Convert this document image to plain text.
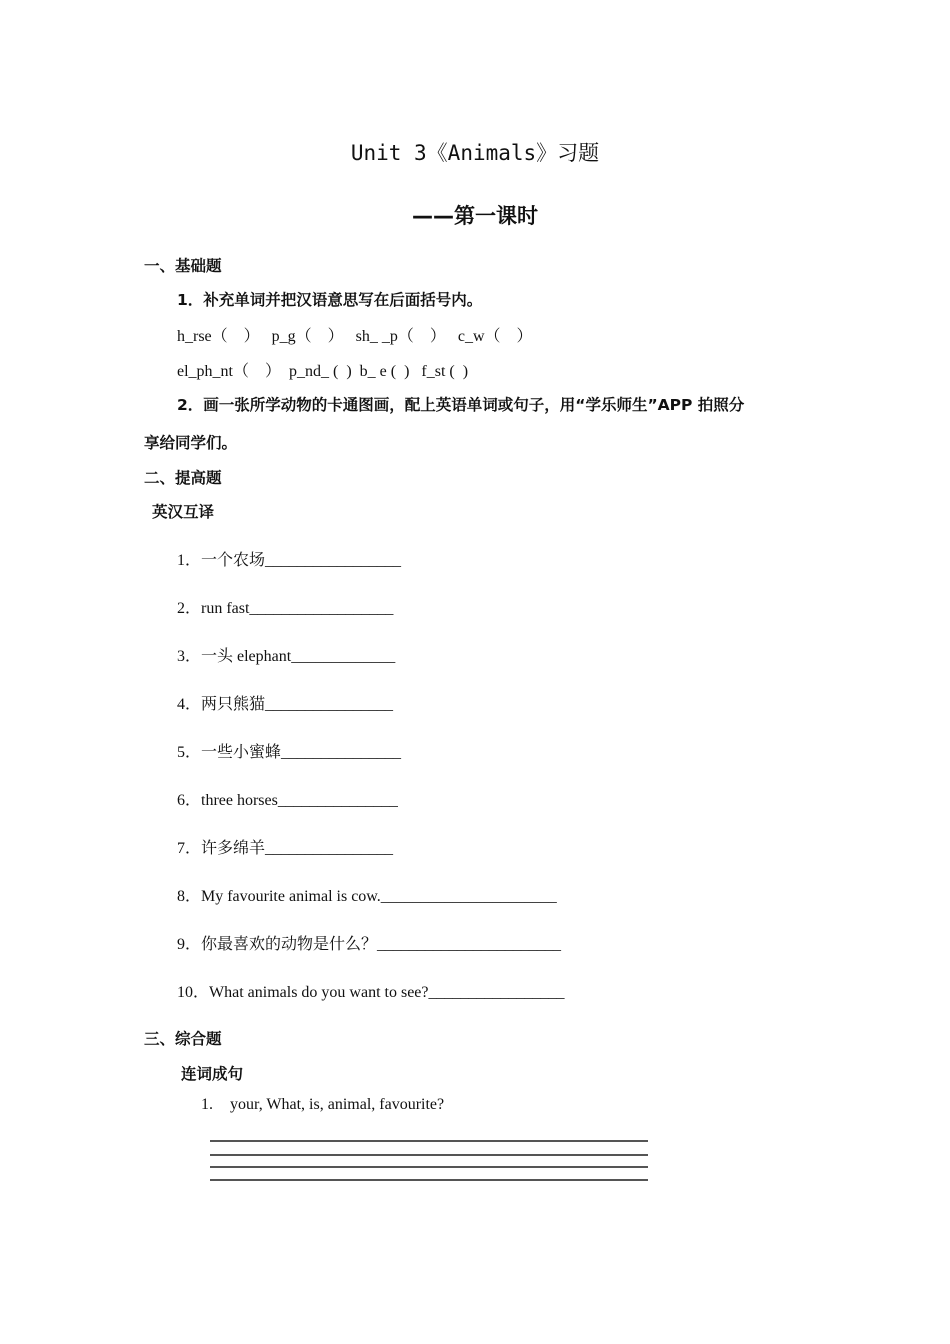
Unit 3《Animals》习题
——第一课时
一、基础题
1．补充单词并把汉语意思写在后面括号内。
h_rse（　）　 p_g（　）　 sh_ _p（　）　 c_w（　）
el_ph_nt（　）　p_nd_ (  )  b_ e (  )   f_st (  )
2．画一张所学动物的卡通图画，配上英语单词或句子，用“学乐师生”APP 拍照分
享给同学们。
二、提高题
英汉互译
1．一个农场_________________
2．run fast__________________
3．一头 elephant_____________
4．两只熊猫________________
5．一些小蜜蜂_______________
6．three horses_______________
7．许多绵羊________________
8．My favourite animal is cow.______________________
9．你最喜欢的动物是什么？_______________________
10．What animals do you want to see?_________________
三、综合题
连词成句
1. your, What, is, animal, favourite?
